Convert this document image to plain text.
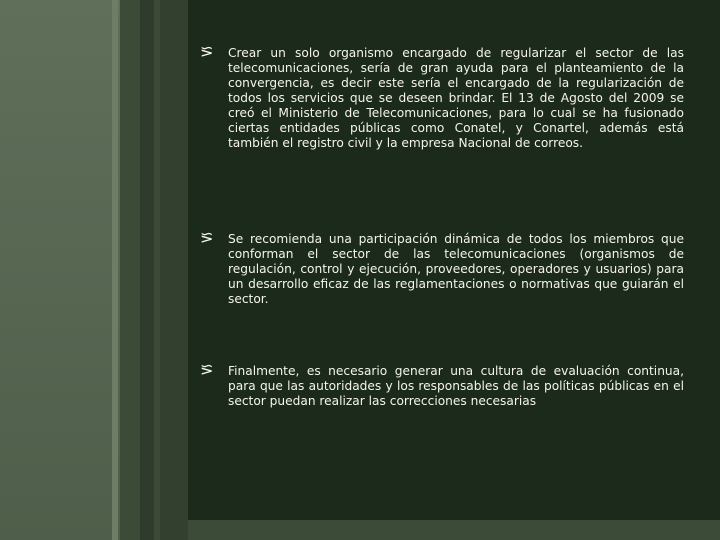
⪞	Crear un solo organismo encargado de regularizar el sector de las telecomunicaciones, sería de gran ayuda para el planteamiento de la convergencia, es decir este sería el encargado de la regularización de todos los servicios que se deseen brindar. El 13 de Agosto del 2009 se creó el Ministerio de Telecomunicaciones, para lo cual se ha fusionado ciertas entidades públicas como Conatel, y Conartel, además está también el registro civil y la empresa Nacional de correos.

⪞	Se recomienda una participación dinámica de todos los miembros que conforman el sector de las telecomunicaciones (organismos de regulación, control y ejecución, proveedores, operadores y usuarios) para un desarrollo eficaz de las reglamentaciones o normativas que guiarán el sector.

⪞	Finalmente, es necesario generar una cultura de evaluación continua, para que las autoridades y los responsables de las políticas públicas en el sector puedan realizar las correcciones necesarias
